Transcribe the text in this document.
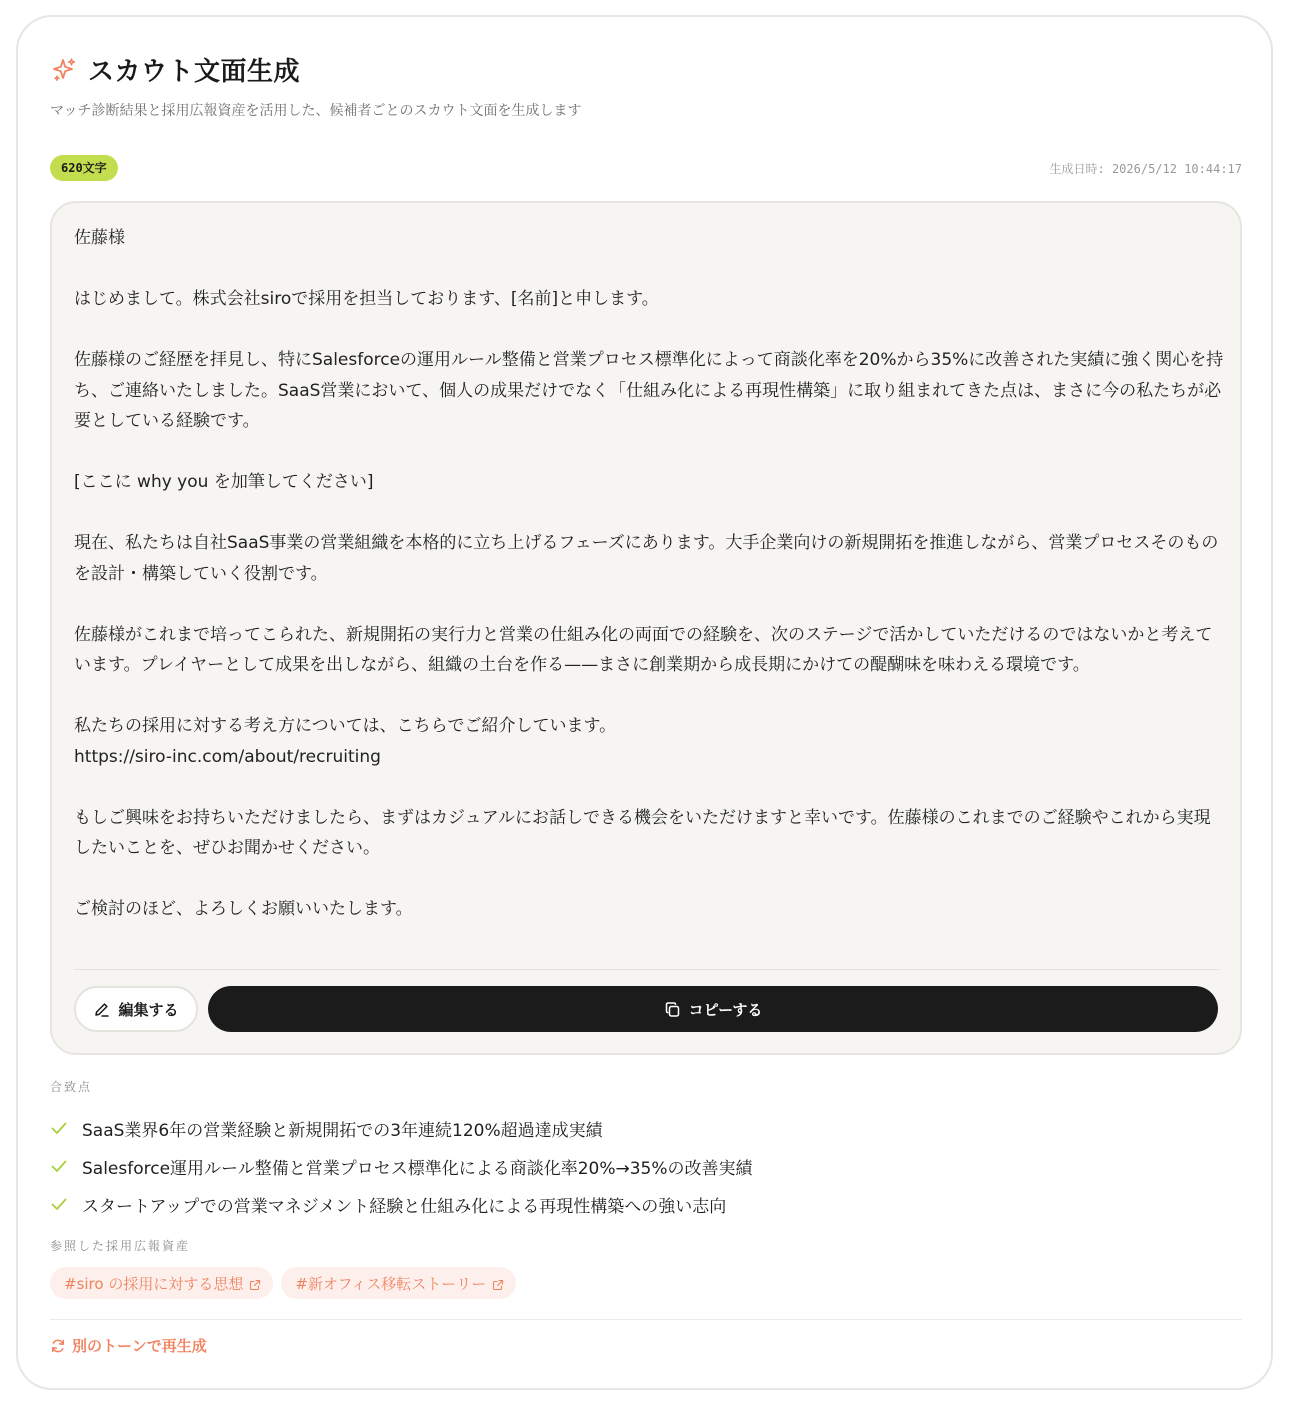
スカウト文面生成
マッチ診断結果と採用広報資産を活用した、候補者ごとのスカウト文面を生成します
620文字	生成日時: 2026/5/12 10:44:17

佐藤様

はじめまして。株式会社siroで採用を担当しております、[名前]と申します。

佐藤様のご経歴を拝見し、特にSalesforceの運用ルール整備と営業プロセス標準化によって商談化率を20%から35%に改善された実績に強く関心を持ち、ご連絡いたしました。SaaS営業において、個人の成果だけでなく「仕組み化による再現性構築」に取り組まれてきた点は、まさに今の私たちが必要としている経験です。

[ここに why you を加筆してください]

現在、私たちは自社SaaS事業の営業組織を本格的に立ち上げるフェーズにあります。大手企業向けの新規開拓を推進しながら、営業プロセスそのものを設計・構築していく役割です。

佐藤様がこれまで培ってこられた、新規開拓の実行力と営業の仕組み化の両面での経験を、次のステージで活かしていただけるのではないかと考えています。プレイヤーとして成果を出しながら、組織の土台を作る——まさに創業期から成長期にかけての醍醐味を味わえる環境です。

私たちの採用に対する考え方については、こちらでご紹介しています。
https://siro-inc.com/about/recruiting

もしご興味をお持ちいただけましたら、まずはカジュアルにお話しできる機会をいただけますと幸いです。佐藤様のこれまでのご経験やこれから実現したいことを、ぜひお聞かせください。

ご検討のほど、よろしくお願いいたします。

編集する	コピーする
合致点
SaaS業界6年の営業経験と新規開拓での3年連続120%超過達成実績
Salesforce運用ルール整備と営業プロセス標準化による商談化率20%→35%の改善実績
スタートアップでの営業マネジメント経験と仕組み化による再現性構築への強い志向
参照した採用広報資産
#siro の採用に対する思想	#新オフィス移転ストーリー
別のトーンで再生成
